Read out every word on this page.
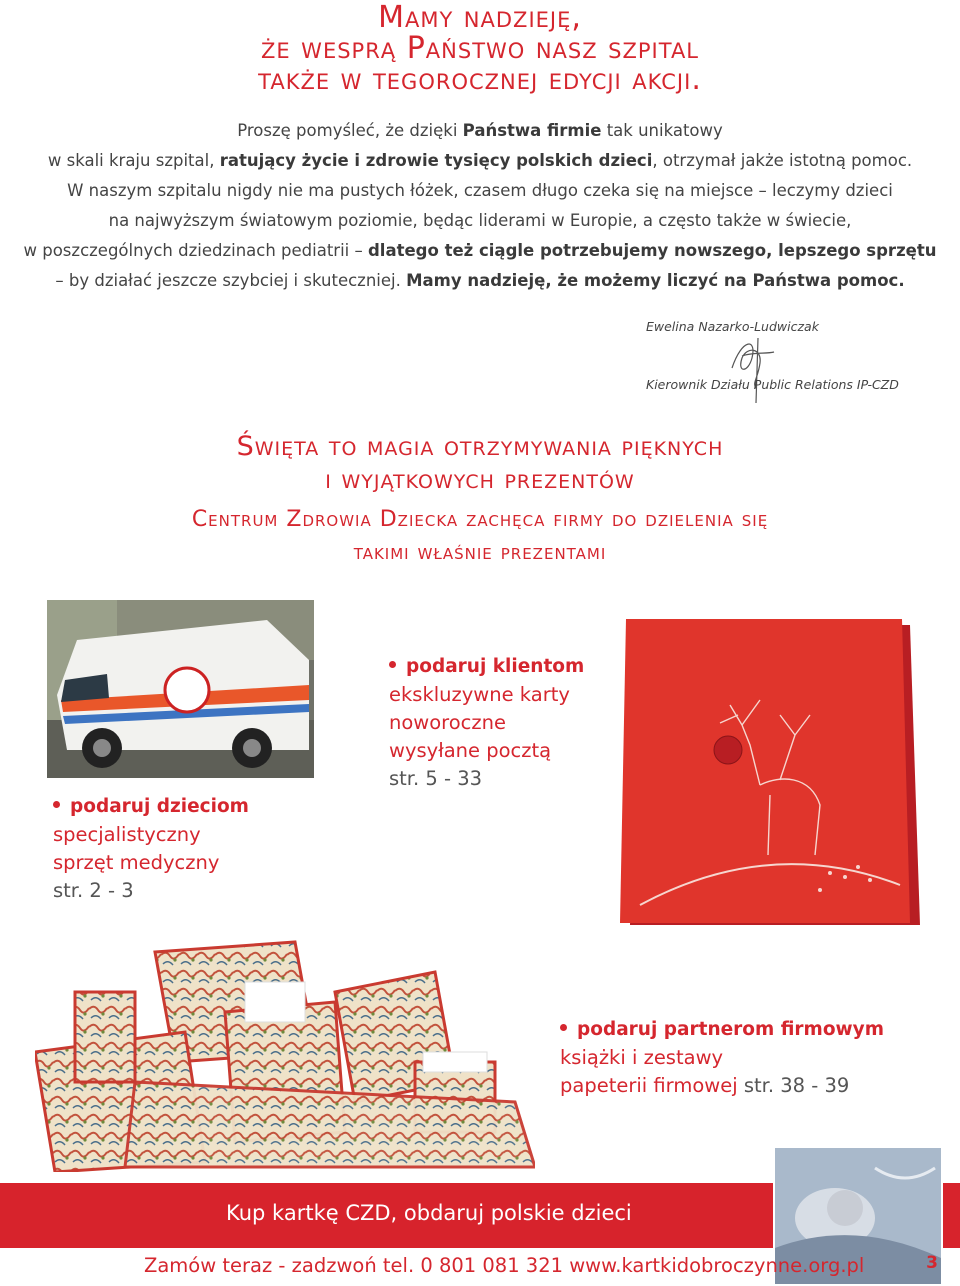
Mamy nadzieję,
że wesprą Państwo nasz szpital
także w tegorocznej edycji akcji.
Proszę pomyśleć, że dzięki Państwa firmie tak unikatowy
w skali kraju szpital, ratujący życie i zdrowie tysięcy polskich dzieci, otrzymał jakże istotną pomoc.
W naszym szpitalu nigdy nie ma pustych łóżek, czasem długo czeka się na miejsce – leczymy dzieci
na najwyższym światowym poziomie, będąc liderami w Europie, a często także w świecie,
w poszczególnych dziedzinach pediatrii – dlatego też ciągle potrzebujemy nowszego, lepszego sprzętu
– by działać jeszcze szybciej i skuteczniej. Mamy nadzieję, że możemy liczyć na Państwa pomoc.
Ewelina Nazarko-Ludwiczak
Kierownik Działu Public Relations IP-CZD
Święta to magia otrzymywania pięknych
i wyjątkowych prezentów
Centrum Zdrowia Dziecka zachęca firmy do dzielenia się
takimi właśnie prezentami
podaruj dzieciom
specjalistyczny
sprzęt medyczny
str. 2 - 3
podaruj klientom
ekskluzywne karty
noworoczne
wysyłane pocztą
str. 5 - 33
podaruj partnerom firmowym
książki i zestawy
papeterii firmowej str. 38 - 39
Kup kartkę CZD, obdaruj polskie dzieci
Zamów teraz - zadzwoń tel. 0 801 081 321 www.kartkidobroczynne.org.pl	3
